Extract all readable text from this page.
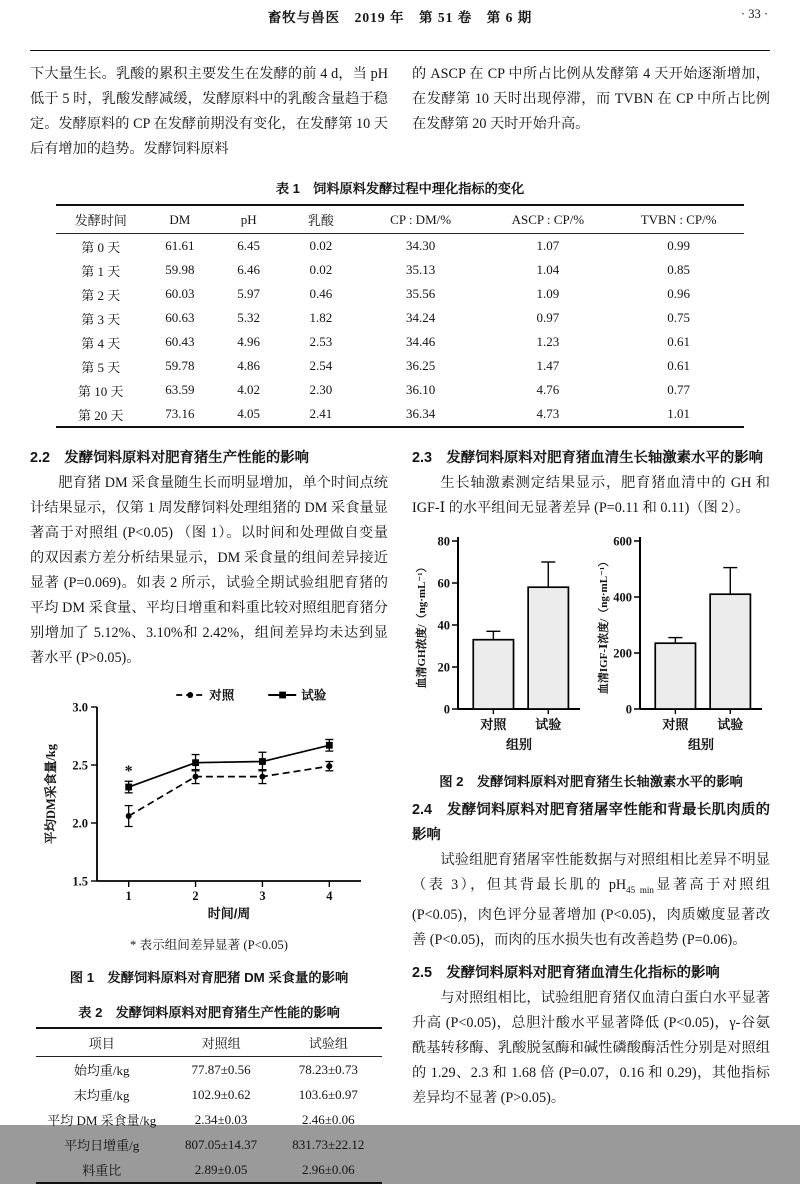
畜牧与兽医　2019 年　第 51 卷　第 6 期	· 33 ·

下大量生长。乳酸的累积主要发生在发酵的前 4 d，当 pH 低于 5 时，乳酸发酵减缓，发酵原料中的乳酸含量趋于稳定。发酵原料的 CP 在发酵前期没有变化，在发酵第 10 天后有增加的趋势。发酵饲料原料

的 ASCP 在 CP 中所占比例从发酵第 4 天开始逐渐增加，在发酵第 10 天时出现停滞，而 TVBN 在 CP 中所占比例在发酵第 20 天时开始升高。

表 1　饲料原料发酵过程中理化指标的变化
发酵时间	DM	pH	乳酸	CP : DM/%	ASCP : CP/%	TVBN : CP/%
第 0 天	61.61	6.45	0.02	34.30	1.07	0.99
第 1 天	59.98	6.46	0.02	35.13	1.04	0.85
第 2 天	60.03	5.97	0.46	35.56	1.09	0.96
第 3 天	60.63	5.32	1.82	34.24	0.97	0.75
第 4 天	60.43	4.96	2.53	34.46	1.23	0.61
第 5 天	59.78	4.86	2.54	36.25	1.47	0.61
第 10 天	63.59	4.02	2.30	36.10	4.76	0.77
第 20 天	73.16	4.05	2.41	36.34	4.73	1.01
2.2　发酵饲料原料对肥育猪生产性能的影响

肥育猪 DM 采食量随生长而明显增加，单个时间点统计结果显示，仅第 1 周发酵饲料处理组猪的 DM 采食量显著高于对照组 (P<0.05) （图 1）。以时间和处理做自变量的双因素方差分析结果显示，DM 采食量的组间差异接近显著 (P=0.069)。如表 2 所示，试验全期试验组肥育猪的平均 DM 采食量、平均日增重和料重比较对照组肥育猪分别增加了 5.12%、3.10%和 2.42%，组间差异均未达到显著水平 (P>0.05)。

1.5
2.0
2.5
3.0
1	2	3	4
*
对照	试验
时间/周
平均DM采食量/kg
* 表示组间差异显著 (P<0.05)
图 1　发酵饲料原料对育肥猪 DM 采食量的影响
表 2　发酵饲料原料对肥育猪生产性能的影响
项目	对照组	试验组
始均重/kg	77.87±0.56	78.23±0.73
末均重/kg	102.9±0.62	103.6±0.97
平均 DM 采食量/kg	2.34±0.03	2.46±0.06
平均日增重/g	807.05±14.37	831.73±22.12
料重比	2.89±0.05	2.96±0.06
2.3　发酵饲料原料对肥育猪血清生长轴激素水平的影响

生长轴激素测定结果显示，肥育猪血清中的 GH 和 IGF-Ⅰ 的水平组间无显著差异 (P=0.11 和 0.11)（图 2）。

0
20
40
60
80
对照 试验
组别
血清GH浓度/（ng·mL⁻¹）
0
200
400
600
对照 试验
组别
血清IGF-Ⅰ浓度/（ng·mL⁻¹）
图 2　发酵饲料原料对肥育猪生长轴激素水平的影响
2.4　发酵饲料原料对肥育猪屠宰性能和背最长肌肉质的影响

试验组肥育猪屠宰性能数据与对照组相比差异不明显（表 3），但其背最长肌的 $pH_{45 min}$显著高于对照组 (P<0.05)，肉色评分显著增加 (P<0.05)，肉质嫩度显著改善 (P<0.05)，而肉的压水损失也有改善趋势 (P=0.06)。

2.5　发酵饲料原料对肥育猪血清生化指标的影响

与对照组相比，试验组肥育猪仅血清白蛋白水平显著升高 (P<0.05)，总胆汁酸水平显著降低 (P<0.05)，γ-谷氨酰基转移酶、乳酸脱氢酶和碱性磷酸酶活性分别是对照组的 1.29、2.3 和 1.68 倍 (P=0.07，0.16 和 0.29)，其他指标差异均不显著 (P>0.05)。
